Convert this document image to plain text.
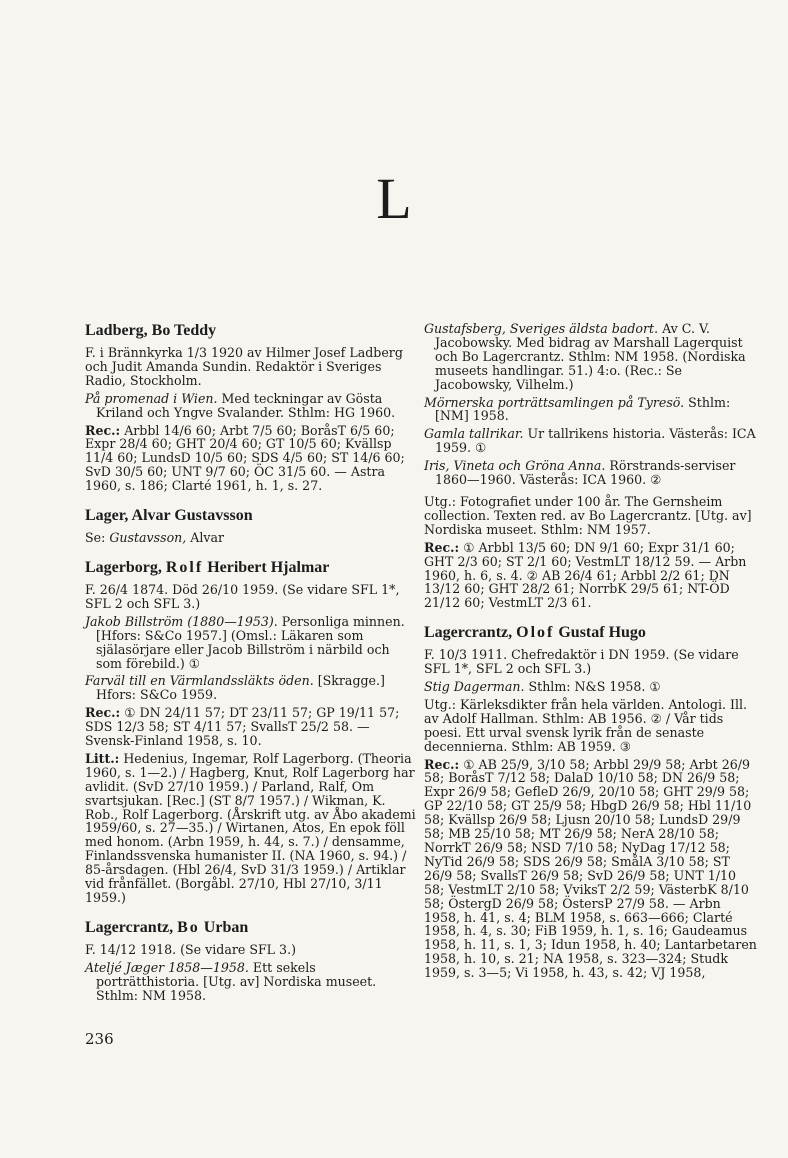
L
Ladberg, Bo Teddy
F. i Brännkyrka 1/3 1920 av Hilmer Josef Ladberg och Judit Amanda Sundin. Redaktör i Sveriges Radio, Stockholm.
På promenad i Wien. Med teckningar av Gösta Kriland och Yngve Svalander. Sthlm: HG 1960.
Rec.: Arbbl 14/6 60; Arbt 7/5 60; BoråsT 6/5 60; Expr 28/4 60; GHT 20/4 60; GT 10/5 60; Kvällsp 11/4 60; LundsD 10/5 60; SDS 4/5 60; ST 14/6 60; SvD 30/5 60; UNT 9/7 60; ÖC 31/5 60. — Astra 1960, s. 186; Clarté 1961, h. 1, s. 27.
Lager, Alvar Gustavsson
Se: Gustavsson, Alvar
Lagerborg, Rolf Heribert Hjalmar
F. 26/4 1874. Död 26/10 1959. (Se vidare SFL 1*, SFL 2 och SFL 3.)
Jakob Billström (1880—1953). Personliga minnen. [Hfors: S&Co 1957.] (Omsl.: Läkaren som själasörjare eller Jacob Billström i närbild och som förebild.) ①
Farväl till en Värmlandssläkts öden. [Skragge.] Hfors: S&Co 1959.
Rec.: ① DN 24/11 57; DT 23/11 57; GP 19/11 57; SDS 12/3 58; ST 4/11 57; SvallsT 25/2 58. — Svensk-Finland 1958, s. 10.
Litt.: Hedenius, Ingemar, Rolf Lagerborg. (Theoria 1960, s. 1—2.) / Hagberg, Knut, Rolf Lagerborg har avlidit. (SvD 27/10 1959.) / Parland, Ralf, Om svartsjukan. [Rec.] (ST 8/7 1957.) / Wikman, K. Rob., Rolf Lagerborg. (Årskrift utg. av Åbo akademi 1959/60, s. 27—35.) / Wirtanen, Atos, En epok föll med honom. (Arbn 1959, h. 44, s. 7.) / densamme, Finlandssvenska humanister II. (NA 1960, s. 94.) / 85-årsdagen. (Hbl 26/4, SvD 31/3 1959.) / Artiklar vid frånfället. (Borgåbl. 27/10, Hbl 27/10, 3/11 1959.)
Lagercrantz, Bo Urban
F. 14/12 1918. (Se vidare SFL 3.)
Ateljé Jæger 1858—1958. Ett sekels porträtthistoria. [Utg. av] Nordiska museet. Sthlm: NM 1958.
Gustafsberg, Sveriges äldsta badort. Av C. V. Jacobowsky. Med bidrag av Marshall Lagerquist och Bo Lagercrantz. Sthlm: NM 1958. (Nordiska museets handlingar. 51.) 4:o. (Rec.: Se Jacobowsky, Vilhelm.)
Mörnerska porträttsamlingen på Tyresö. Sthlm: [NM] 1958.
Gamla tallrikar. Ur tallrikens historia. Västerås: ICA 1959. ①
Iris, Vineta och Gröna Anna. Rörstrands-serviser 1860—1960. Västerås: ICA 1960. ②
Utg.: Fotografiet under 100 år. The Gernsheim collection. Texten red. av Bo Lagercrantz. [Utg. av] Nordiska museet. Sthlm: NM 1957.
Rec.: ① Arbbl 13/5 60; DN 9/1 60; Expr 31/1 60; GHT 2/3 60; ST 2/1 60; VestmLT 18/12 59. — Arbn 1960, h. 6, s. 4. ② AB 26/4 61; Arbbl 2/2 61; DN 13/12 60; GHT 28/2 61; NorrbK 29/5 61; NT-ÖD 21/12 60; VestmLT 2/3 61.
Lagercrantz, Olof Gustaf Hugo
F. 10/3 1911. Chefredaktör i DN 1959. (Se vidare SFL 1*, SFL 2 och SFL 3.)
Stig Dagerman. Sthlm: N&S 1958. ①
Utg.: Kärleksdikter från hela världen. Antologi. Ill. av Adolf Hallman. Sthlm: AB 1956. ② / Vår tids poesi. Ett urval svensk lyrik från de senaste decennierna. Sthlm: AB 1959. ③
Rec.: ① AB 25/9, 3/10 58; Arbbl 29/9 58; Arbt 26/9 58; BoråsT 7/12 58; DalaD 10/10 58; DN 26/9 58; Expr 26/9 58; GefleD 26/9, 20/10 58; GHT 29/9 58; GP 22/10 58; GT 25/9 58; HbgD 26/9 58; Hbl 11/10 58; Kvällsp 26/9 58; Ljusn 20/10 58; LundsD 29/9 58; MB 25/10 58; MT 26/9 58; NerA 28/10 58; NorrkT 26/9 58; NSD 7/10 58; NyDag 17/12 58; NyTid 26/9 58; SDS 26/9 58; SmålA 3/10 58; ST 26/9 58; SvallsT 26/9 58; SvD 26/9 58; UNT 1/10 58; VestmLT 2/10 58; VviksT 2/2 59; VästerbK 8/10 58; ÖstergD 26/9 58; ÖstersP 27/9 58. — Arbn 1958, h. 41, s. 4; BLM 1958, s. 663—666; Clarté 1958, h. 4, s. 30; FiB 1959, h. 1, s. 16; Gaudeamus 1958, h. 11, s. 1, 3; Idun 1958, h. 40; Lantarbetaren 1958, h. 10, s. 21; NA 1958, s. 323—324; Studk 1959, s. 3—5; Vi 1958, h. 43, s. 42; VJ 1958,
236
